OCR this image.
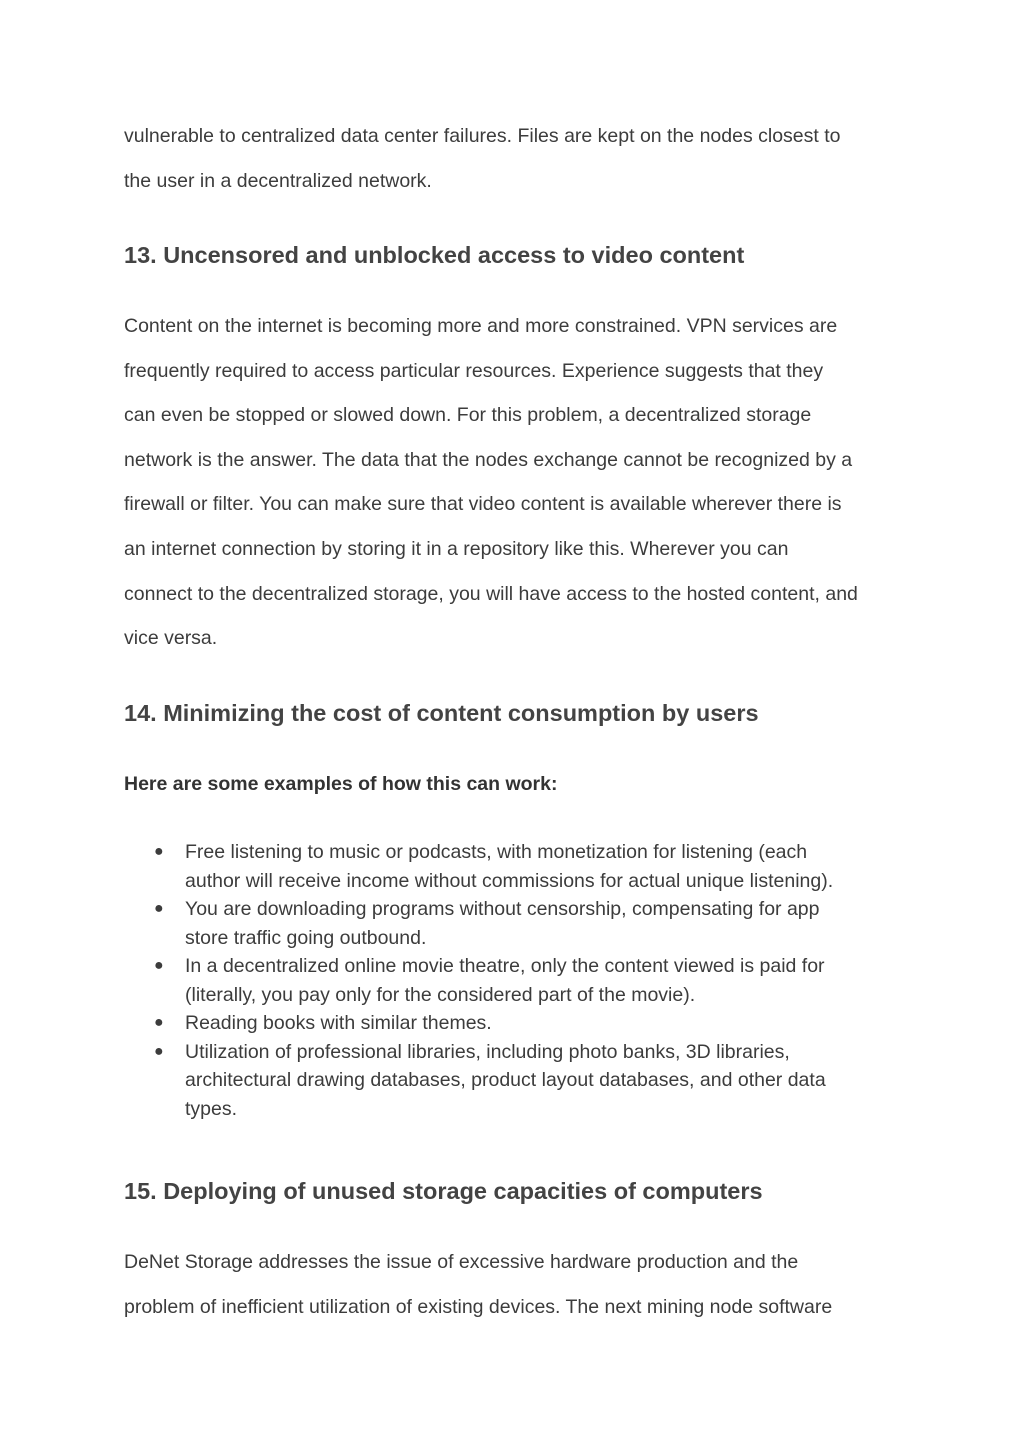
vulnerable to centralized data center failures. Files are kept on the nodes closest to
the user in a decentralized network.

13. Uncensored and unblocked access to video content

Content on the internet is becoming more and more constrained. VPN services are
frequently required to access particular resources. Experience suggests that they
can even be stopped or slowed down. For this problem, a decentralized storage
network is the answer. The data that the nodes exchange cannot be recognized by a
firewall or filter. You can make sure that video content is available wherever there is
an internet connection by storing it in a repository like this. Wherever you can
connect to the decentralized storage, you will have access to the hosted content, and
vice versa.

14. Minimizing the cost of content consumption by users

Here are some examples of how this can work:

● Free listening to music or podcasts, with monetization for listening (each
author will receive income without commissions for actual unique listening).
● You are downloading programs without censorship, compensating for app
store traffic going outbound.
● In a decentralized online movie theatre, only the content viewed is paid for
(literally, you pay only for the considered part of the movie).
● Reading books with similar themes.
● Utilization of professional libraries, including photo banks, 3D libraries,
architectural drawing databases, product layout databases, and other data
types.
15. Deploying of unused storage capacities of computers

DeNet Storage addresses the issue of excessive hardware production and the
problem of inefficient utilization of existing devices. The next mining node software
